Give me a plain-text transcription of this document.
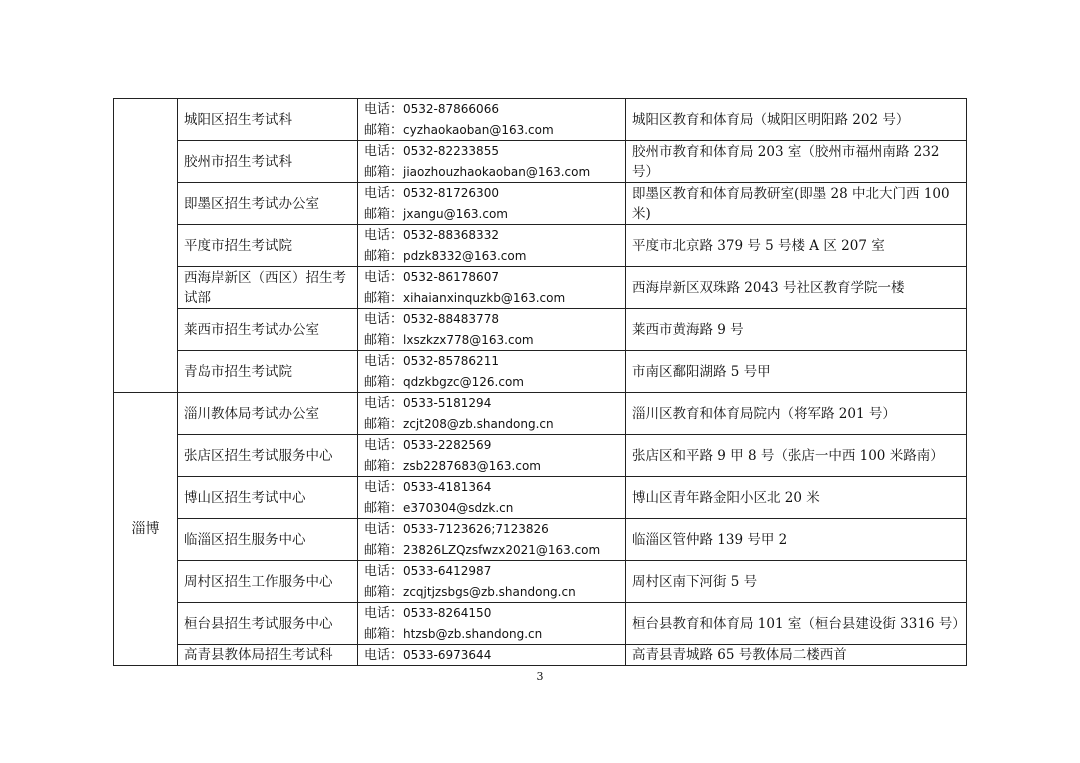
	城阳区招生考试科	电话：0532-87866066
邮箱：cyzhaokaoban@163.com	城阳区教育和体育局（城阳区明阳路 202 号）
	胶州市招生考试科	电话：0532-82233855
邮箱：jiaozhouzhaokaoban@163.com	胶州市教育和体育局 203 室（胶州市福州南路 232 号）
	即墨区招生考试办公室	电话：0532-81726300
邮箱：jxangu@163.com	即墨区教育和体育局教研室(即墨 28 中北大门西 100 米)
	平度市招生考试院	电话：0532-88368332
邮箱：pdzk8332@163.com	平度市北京路 379 号 5 号楼 A 区 207 室
	西海岸新区（西区）招生考试部	电话：0532-86178607
邮箱：xihaianxinquzkb@163.com	西海岸新区双珠路 2043 号社区教育学院一楼
	莱西市招生考试办公室	电话：0532-88483778
邮箱：lxszkzx778@163.com	莱西市黄海路 9 号
	青岛市招生考试院	电话：0532-85786211
邮箱：qdzkbgzc@126.com	市南区鄱阳湖路 5 号甲
淄博	淄川教体局考试办公室	电话：0533-5181294
邮箱：zcjt208@zb.shandong.cn	淄川区教育和体育局院内（将军路 201 号）
	张店区招生考试服务中心	电话：0533-2282569
邮箱：zsb2287683@163.com	张店区和平路 9 甲 8 号（张店一中西 100 米路南）
	博山区招生考试中心	电话：0533-4181364
邮箱：e370304@sdzk.cn	博山区青年路金阳小区北 20 米
	临淄区招生服务中心	电话：0533-7123626;7123826
邮箱：23826LZQzsfwzx2021@163.com	临淄区管仲路 139 号甲 2
	周村区招生工作服务中心	电话：0533-6412987
邮箱：zcqjtjzsbgs@zb.shandong.cn	周村区南下河街 5 号
	桓台县招生考试服务中心	电话：0533-8264150
邮箱：htzsb@zb.shandong.cn	桓台县教育和体育局 101 室（桓台县建设街 3316 号）
	高青县教体局招生考试科	电话：0533-6973644	高青县青城路 65 号教体局二楼西首
3
